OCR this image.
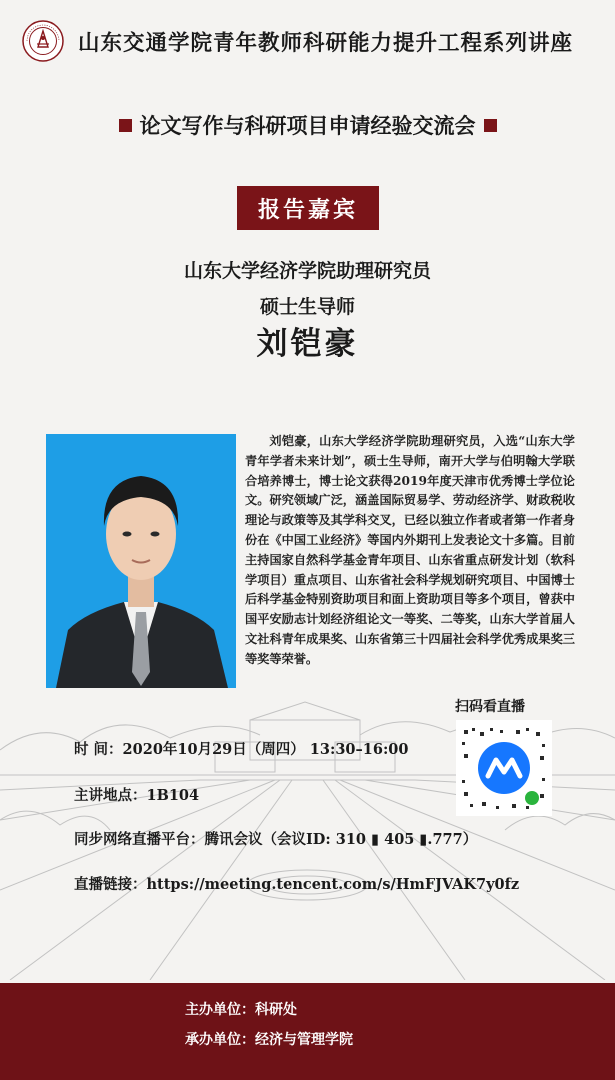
山东交通学院青年教师科研能力提升工程系列讲座
论文写作与科研项目申请经验交流会
报告嘉宾
山东大学经济学院助理研究员
硕士生导师
刘铠豪
刘铠豪，山东大学经济学院助理研究员，入选“山东大学青年学者未来计划”，硕士生导师，南开大学与伯明翰大学联合培养博士，博士论文获得2019年度天津市优秀博士学位论文。研究领域广泛，涵盖国际贸易学、劳动经济学、财政税收理论与政策等及其学科交叉，已经以独立作者或者第一作者身份在《中国工业经济》等国内外期刊上发表论文十多篇。目前主持国家自然科学基金青年项目、山东省重点研发计划（软科学项目）重点项目、山东省社会科学规划研究项目、中国博士后科学基金特别资助项目和面上资助项目等多个项目，曾获中国平安励志计划经济组论文一等奖、二等奖，山东大学首届人文社科青年成果奖、山东省第三十四届社会科学优秀成果奖三等奖等荣誉。
扫码看直播
时 间：2020年10月29日（周四） 13:30–16:00
主讲地点：1B104
同步网络直播平台：腾讯会议（会议ID: 310 ▮ 405 ▮.777）
直播链接：https://meeting.tencent.com/s/HmFJVAK7y0fz
主办单位：科研处
承办单位：经济与管理学院
